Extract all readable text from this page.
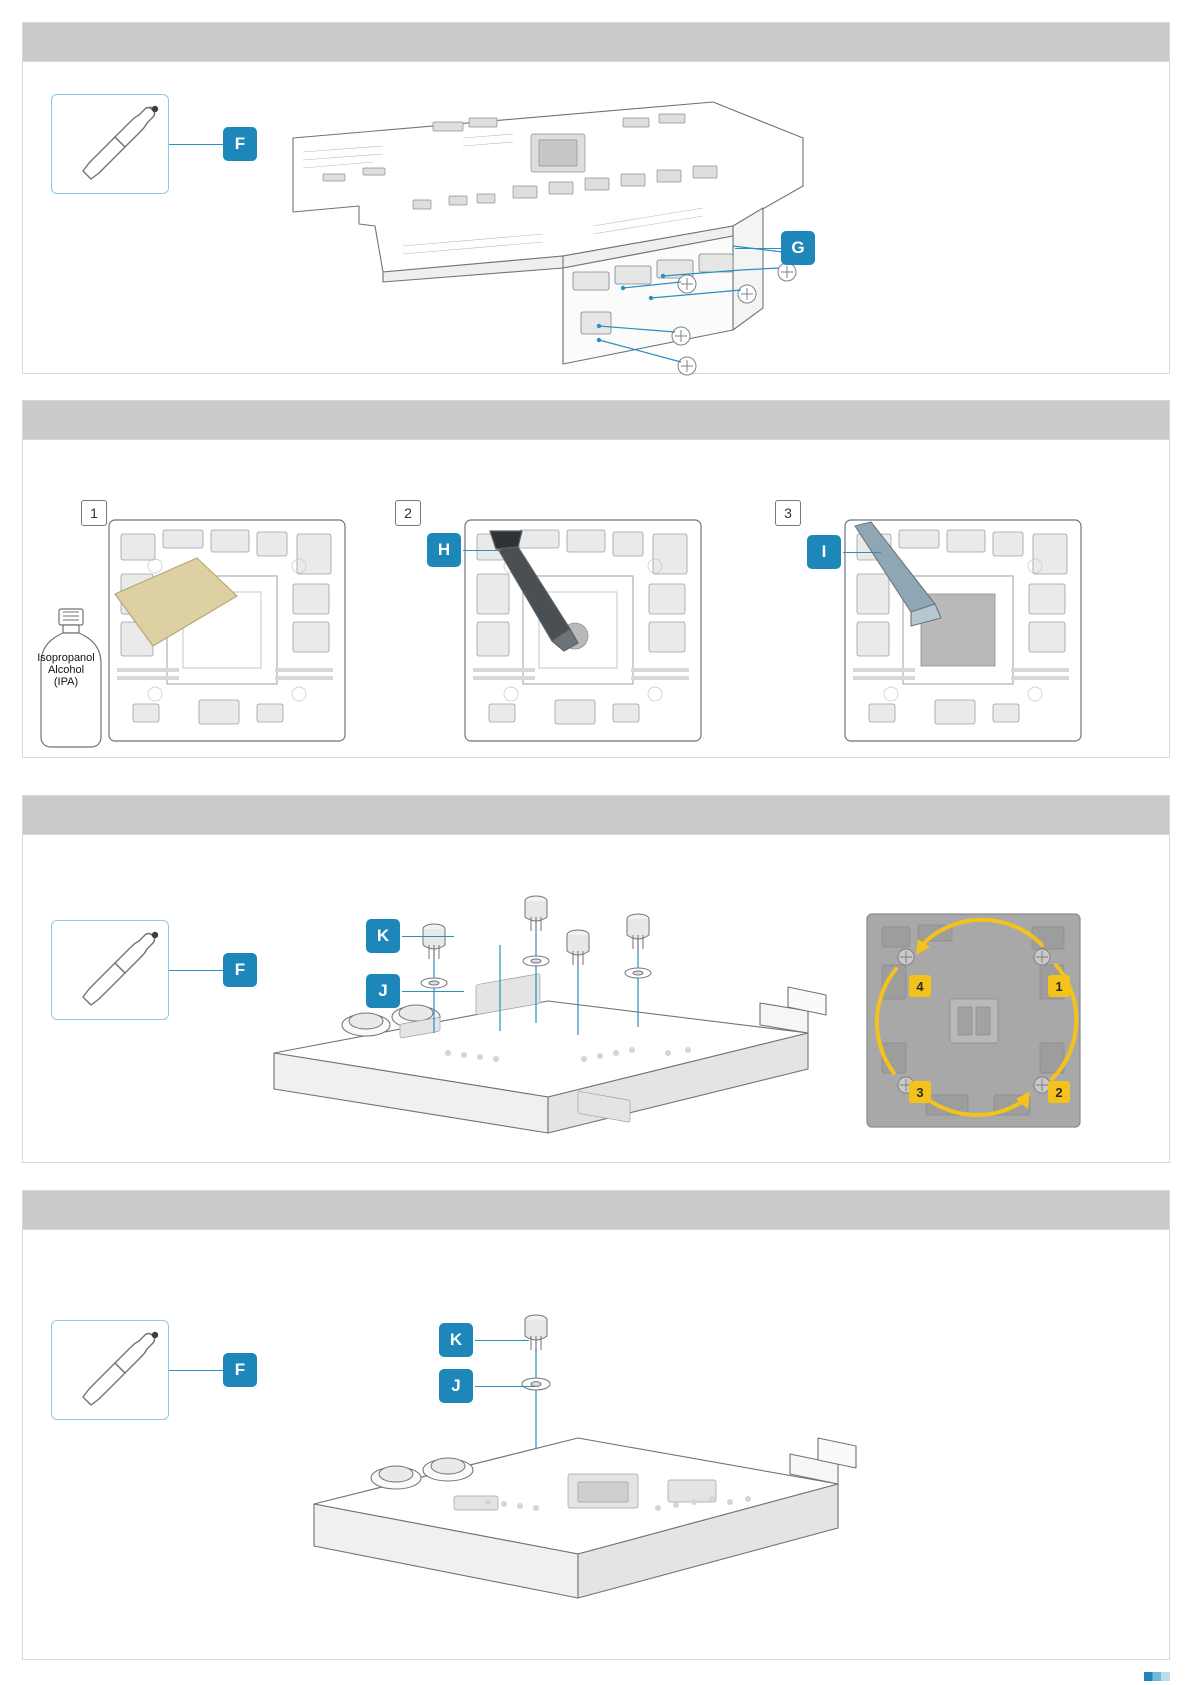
F
G
1
Isopropanol
Alcohol
(IPA)
2
H
3
I
F
K
J	1
2
3
4
F
K
J
